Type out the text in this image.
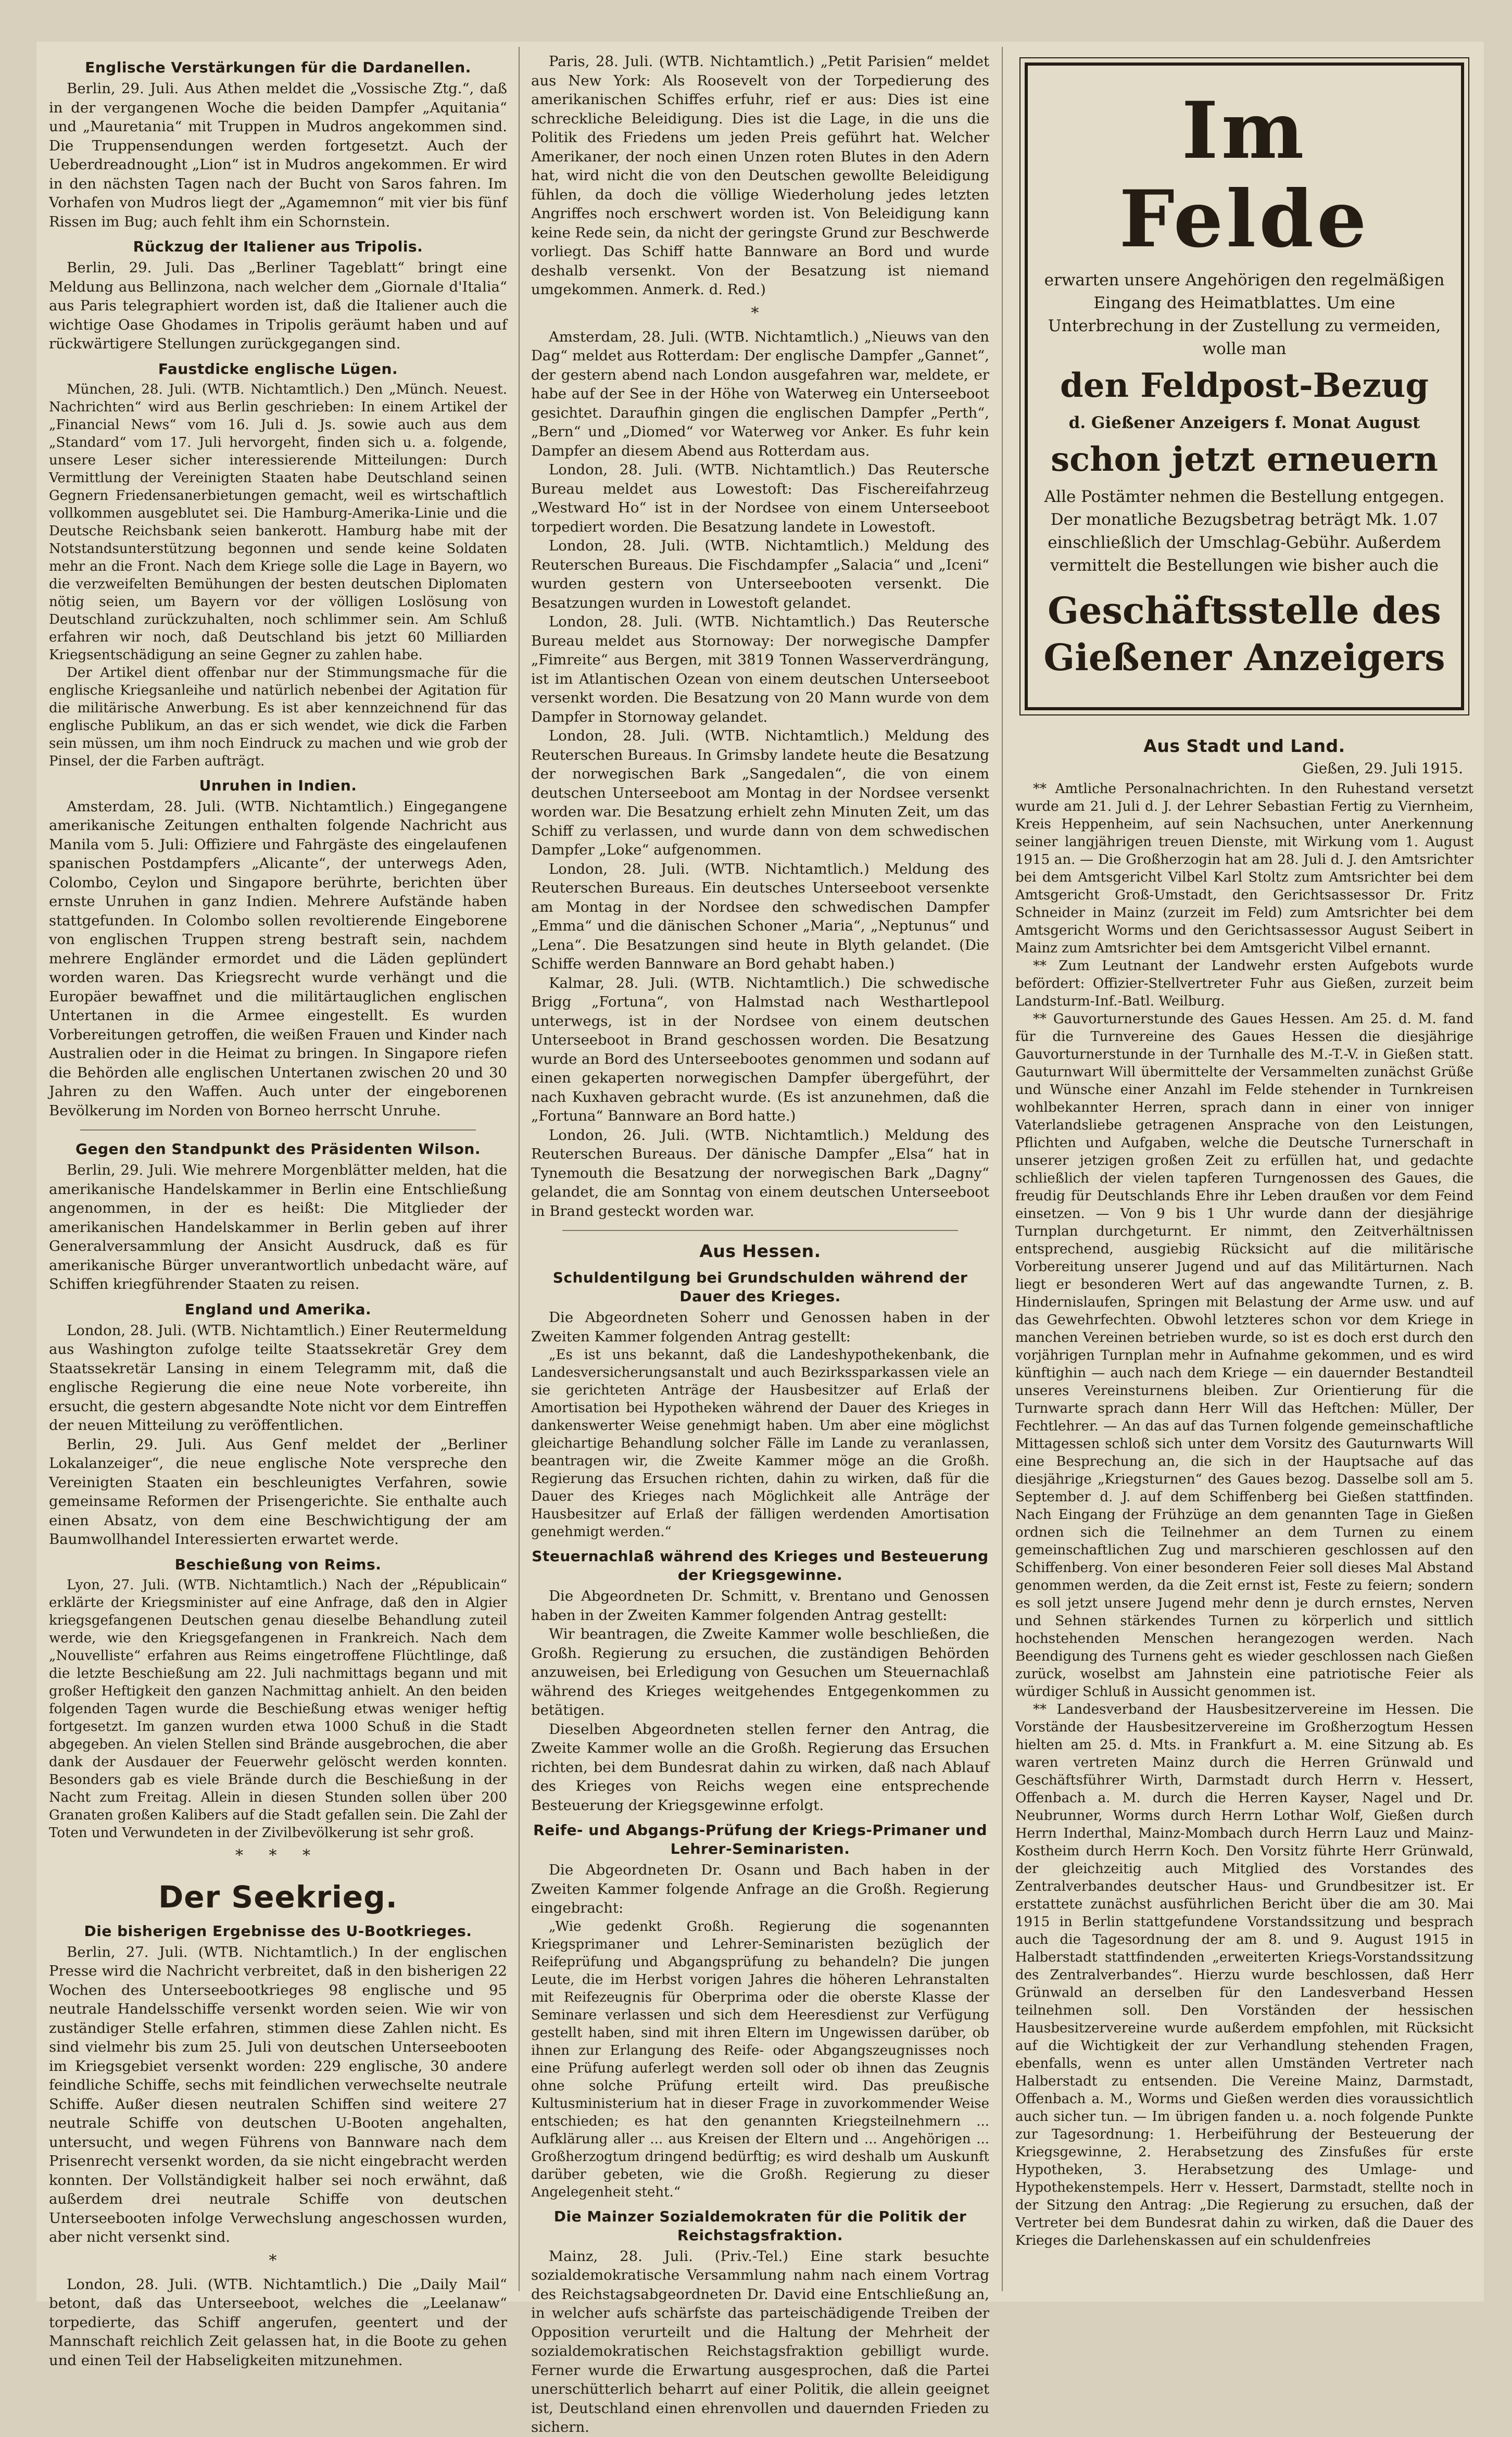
Englische Verstärkungen für die Dardanellen.

Berlin, 29. Juli. Aus Athen meldet die „Vossische Ztg.“, daß in der vergangenen Woche die beiden Dampfer „Aquitania“ und „Mauretania“ mit Truppen in Mudros angekommen sind. Die Truppensendungen werden fortgesetzt. Auch der Ueberdreadnought „Lion“ ist in Mudros angekommen. Er wird in den nächsten Tagen nach der Bucht von Saros fahren. Im Vorhafen von Mudros liegt der „Agamemnon“ mit vier bis fünf Rissen im Bug; auch fehlt ihm ein Schornstein.

Rückzug der Italiener aus Tripolis.

Berlin, 29. Juli. Das „Berliner Tageblatt“ bringt eine Meldung aus Bellinzona, nach welcher dem „Giornale d'Italia“ aus Paris telegraphiert worden ist, daß die Italiener auch die wichtige Oase Ghodames in Tripolis geräumt haben und auf rückwärtigere Stellungen zurückgegangen sind.

Faustdicke englische Lügen.

München, 28. Juli. (WTB. Nichtamtlich.) Den „Münch. Neuest. Nachrichten“ wird aus Berlin geschrieben: In einem Artikel der „Financial News“ vom 16. Juli d. Js. sowie auch aus dem „Standard“ vom 17. Juli hervorgeht, finden sich u. a. folgende, unsere Leser sicher interessierende Mitteilungen: Durch Vermittlung der Vereinigten Staaten habe Deutschland seinen Gegnern Friedensanerbietungen gemacht, weil es wirtschaftlich vollkommen ausgeblutet sei. Die Hamburg-Amerika-Linie und die Deutsche Reichsbank seien bankerott. Hamburg habe mit der Notstandsunterstützung begonnen und sende keine Soldaten mehr an die Front. Nach dem Kriege solle die Lage in Bayern, wo die verzweifelten Bemühungen der besten deutschen Diplomaten nötig seien, um Bayern vor der völligen Loslösung von Deutschland zurückzuhalten, noch schlimmer sein. Am Schluß erfahren wir noch, daß Deutschland bis jetzt 60 Milliarden Kriegsentschädigung an seine Gegner zu zahlen habe.

Der Artikel dient offenbar nur der Stimmungsmache für die englische Kriegsanleihe und natürlich nebenbei der Agitation für die militärische Anwerbung. Es ist aber kennzeichnend für das englische Publikum, an das er sich wendet, wie dick die Farben sein müssen, um ihm noch Eindruck zu machen und wie grob der Pinsel, der die Farben aufträgt.

Unruhen in Indien.

Amsterdam, 28. Juli. (WTB. Nichtamtlich.) Eingegangene amerikanische Zeitungen enthalten folgende Nachricht aus Manila vom 5. Juli: Offiziere und Fahrgäste des eingelaufenen spanischen Postdampfers „Alicante“, der unterwegs Aden, Colombo, Ceylon und Singapore berührte, berichten über ernste Unruhen in ganz Indien. Mehrere Aufstände haben stattgefunden. In Colombo sollen revoltierende Eingeborene von englischen Truppen streng bestraft sein, nachdem mehrere Engländer ermordet und die Läden geplündert worden waren. Das Kriegsrecht wurde verhängt und die Europäer bewaffnet und die militärtauglichen englischen Untertanen in die Armee eingestellt. Es wurden Vorbereitungen getroffen, die weißen Frauen und Kinder nach Australien oder in die Heimat zu bringen. In Singapore riefen die Behörden alle englischen Untertanen zwischen 20 und 30 Jahren zu den Waffen. Auch unter der eingeborenen Bevölkerung im Norden von Borneo herrscht Unruhe.

Gegen den Standpunkt des Präsidenten Wilson.

Berlin, 29. Juli. Wie mehrere Morgenblätter melden, hat die amerikanische Handelskammer in Berlin eine Entschließung angenommen, in der es heißt: Die Mitglieder der amerikanischen Handelskammer in Berlin geben auf ihrer Generalversammlung der Ansicht Ausdruck, daß es für amerikanische Bürger unverantwortlich unbedacht wäre, auf Schiffen kriegführender Staaten zu reisen.

England und Amerika.

London, 28. Juli. (WTB. Nichtamtlich.) Einer Reutermeldung aus Washington zufolge teilte Staatssekretär Grey dem Staatssekretär Lansing in einem Telegramm mit, daß die englische Regierung die eine neue Note vorbereite, ihn ersucht, die gestern abgesandte Note nicht vor dem Eintreffen der neuen Mitteilung zu veröffentlichen.

Berlin, 29. Juli. Aus Genf meldet der „Berliner Lokalanzeiger“, die neue englische Note verspreche den Vereinigten Staaten ein beschleunigtes Verfahren, sowie gemeinsame Reformen der Prisengerichte. Sie enthalte auch einen Absatz, von dem eine Beschwichtigung der am Baumwollhandel Interessierten erwartet werde.

Beschießung von Reims.

Lyon, 27. Juli. (WTB. Nichtamtlich.) Nach der „Républicain“ erklärte der Kriegsminister auf eine Anfrage, daß den in Algier kriegsgefangenen Deutschen genau dieselbe Behandlung zuteil werde, wie den Kriegsgefangenen in Frankreich. Nach dem „Nouvelliste“ erfahren aus Reims eingetroffene Flüchtlinge, daß die letzte Beschießung am 22. Juli nachmittags begann und mit großer Heftigkeit den ganzen Nachmittag anhielt. An den beiden folgenden Tagen wurde die Beschießung etwas weniger heftig fortgesetzt. Im ganzen wurden etwa 1000 Schuß in die Stadt abgegeben. An vielen Stellen sind Brände ausgebrochen, die aber dank der Ausdauer der Feuerwehr gelöscht werden konnten. Besonders gab es viele Brände durch die Beschießung in der Nacht zum Freitag. Allein in diesen Stunden sollen über 200 Granaten großen Kalibers auf die Stadt gefallen sein. Die Zahl der Toten und Verwundeten in der Zivilbevölkerung ist sehr groß.

* * *
Der Seekrieg.
Die bisherigen Ergebnisse des U-Bootkrieges.

Berlin, 27. Juli. (WTB. Nichtamtlich.) In der englischen Presse wird die Nachricht verbreitet, daß in den bisherigen 22 Wochen des Unterseebootkrieges 98 englische und 95 neutrale Handelsschiffe versenkt worden seien. Wie wir von zuständiger Stelle erfahren, stimmen diese Zahlen nicht. Es sind vielmehr bis zum 25. Juli von deutschen Unterseebooten im Kriegsgebiet versenkt worden: 229 englische, 30 andere feindliche Schiffe, sechs mit feindlichen verwechselte neutrale Schiffe. Außer diesen neutralen Schiffen sind weitere 27 neutrale Schiffe von deutschen U-Booten angehalten, untersucht, und wegen Führens von Bannware nach dem Prisenrecht versenkt worden, da sie nicht eingebracht werden konnten. Der Vollständigkeit halber sei noch erwähnt, daß außerdem drei neutrale Schiffe von deutschen Unterseebooten infolge Verwechslung angeschossen wurden, aber nicht versenkt sind.

*

London, 28. Juli. (WTB. Nichtamtlich.) Die „Daily Mail“ betont, daß das Unterseeboot, welches die „Leelanaw“ torpedierte, das Schiff angerufen, geentert und der Mannschaft reichlich Zeit gelassen hat, in die Boote zu gehen und einen Teil der Habseligkeiten mitzunehmen.

Paris, 28. Juli. (WTB. Nichtamtlich.) „Petit Parisien“ meldet aus New York: Als Roosevelt von der Torpedierung des amerikanischen Schiffes erfuhr, rief er aus: Dies ist eine schreckliche Beleidigung. Dies ist die Lage, in die uns die Politik des Friedens um jeden Preis geführt hat. Welcher Amerikaner, der noch einen Unzen roten Blutes in den Adern hat, wird nicht die von den Deutschen gewollte Beleidigung fühlen, da doch die völlige Wiederholung jedes letzten Angriffes noch erschwert worden ist. Von Beleidigung kann keine Rede sein, da nicht der geringste Grund zur Beschwerde vorliegt. Das Schiff hatte Bannware an Bord und wurde deshalb versenkt. Von der Besatzung ist niemand umgekommen. Anmerk. d. Red.)

*

Amsterdam, 28. Juli. (WTB. Nichtamtlich.) „Nieuws van den Dag“ meldet aus Rotterdam: Der englische Dampfer „Gannet“, der gestern abend nach London ausgefahren war, meldete, er habe auf der See in der Höhe von Waterweg ein Unterseeboot gesichtet. Daraufhin gingen die englischen Dampfer „Perth“, „Bern“ und „Diomed“ vor Waterweg vor Anker. Es fuhr kein Dampfer an diesem Abend aus Rotterdam aus.

London, 28. Juli. (WTB. Nichtamtlich.) Das Reutersche Bureau meldet aus Lowestoft: Das Fischereifahrzeug „Westward Ho“ ist in der Nordsee von einem Unterseeboot torpediert worden. Die Besatzung landete in Lowestoft.

London, 28. Juli. (WTB. Nichtamtlich.) Meldung des Reuterschen Bureaus. Die Fischdampfer „Salacia“ und „Iceni“ wurden gestern von Unterseebooten versenkt. Die Besatzungen wurden in Lowestoft gelandet.

London, 28. Juli. (WTB. Nichtamtlich.) Das Reutersche Bureau meldet aus Stornoway: Der norwegische Dampfer „Fimreite“ aus Bergen, mit 3819 Tonnen Wasserverdrängung, ist im Atlantischen Ozean von einem deutschen Unterseeboot versenkt worden. Die Besatzung von 20 Mann wurde von dem Dampfer in Stornoway gelandet.

London, 28. Juli. (WTB. Nichtamtlich.) Meldung des Reuterschen Bureaus. In Grimsby landete heute die Besatzung der norwegischen Bark „Sangedalen“, die von einem deutschen Unterseeboot am Montag in der Nordsee versenkt worden war. Die Besatzung erhielt zehn Minuten Zeit, um das Schiff zu verlassen, und wurde dann von dem schwedischen Dampfer „Loke“ aufgenommen.

London, 28. Juli. (WTB. Nichtamtlich.) Meldung des Reuterschen Bureaus. Ein deutsches Unterseeboot versenkte am Montag in der Nordsee den schwedischen Dampfer „Emma“ und die dänischen Schoner „Maria“, „Neptunus“ und „Lena“. Die Besatzungen sind heute in Blyth gelandet. (Die Schiffe werden Bannware an Bord gehabt haben.)

Kalmar, 28. Juli. (WTB. Nichtamtlich.) Die schwedische Brigg „Fortuna“, von Halmstad nach Westhartlepool unterwegs, ist in der Nordsee von einem deutschen Unterseeboot in Brand geschossen worden. Die Besatzung wurde an Bord des Unterseebootes genommen und sodann auf einen gekaperten norwegischen Dampfer übergeführt, der nach Kuxhaven gebracht wurde. (Es ist anzunehmen, daß die „Fortuna“ Bannware an Bord hatte.)

London, 26. Juli. (WTB. Nichtamtlich.) Meldung des Reuterschen Bureaus. Der dänische Dampfer „Elsa“ hat in Tynemouth die Besatzung der norwegischen Bark „Dagny“ gelandet, die am Sonntag von einem deutschen Unterseeboot in Brand gesteckt worden war.

Aus Hessen.
Schuldentilgung bei Grundschulden während der Dauer des Krieges.

Die Abgeordneten Soherr und Genossen haben in der Zweiten Kammer folgenden Antrag gestellt:

„Es ist uns bekannt, daß die Landeshypothekenbank, die Landesversicherungsanstalt und auch Bezirkssparkassen viele an sie gerichteten Anträge der Hausbesitzer auf Erlaß der Amortisation bei Hypotheken während der Dauer des Krieges in dankenswerter Weise genehmigt haben. Um aber eine möglichst gleichartige Behandlung solcher Fälle im Lande zu veranlassen, beantragen wir, die Zweite Kammer möge an die Großh. Regierung das Ersuchen richten, dahin zu wirken, daß für die Dauer des Krieges nach Möglichkeit alle Anträge der Hausbesitzer auf Erlaß der fälligen werdenden Amortisation genehmigt werden.“

Steuernachlaß während des Krieges und Besteuerung der Kriegsgewinne.

Die Abgeordneten Dr. Schmitt, v. Brentano und Genossen haben in der Zweiten Kammer folgenden Antrag gestellt:

Wir beantragen, die Zweite Kammer wolle beschließen, die Großh. Regierung zu ersuchen, die zuständigen Behörden anzuweisen, bei Erledigung von Gesuchen um Steuernachlaß während des Krieges weitgehendes Entgegenkommen zu betätigen.

Dieselben Abgeordneten stellen ferner den Antrag, die Zweite Kammer wolle an die Großh. Regierung das Ersuchen richten, bei dem Bundesrat dahin zu wirken, daß nach Ablauf des Krieges von Reichs wegen eine entsprechende Besteuerung der Kriegsgewinne erfolgt.

Reife- und Abgangs-Prüfung der Kriegs-Primaner und Lehrer-Seminaristen.

Die Abgeordneten Dr. Osann und Bach haben in der Zweiten Kammer folgende Anfrage an die Großh. Regierung eingebracht:

„Wie gedenkt Großh. Regierung die sogenannten Kriegsprimaner und Lehrer-Seminaristen bezüglich der Reifeprüfung und Abgangsprüfung zu behandeln? Die jungen Leute, die im Herbst vorigen Jahres die höheren Lehranstalten mit Reifezeugnis für Oberprima oder die oberste Klasse der Seminare verlassen und sich dem Heeresdienst zur Verfügung gestellt haben, sind mit ihren Eltern im Ungewissen darüber, ob ihnen zur Erlangung des Reife- oder Abgangszeugnisses noch eine Prüfung auferlegt werden soll oder ob ihnen das Zeugnis ohne solche Prüfung erteilt wird. Das preußische Kultusministerium hat in dieser Frage in zuvorkommender Weise entschieden; es hat den genannten Kriegsteilnehmern ... Aufklärung aller ... aus Kreisen der Eltern und ... Angehörigen ... Großherzogtum dringend bedürftig; es wird deshalb um Auskunft darüber gebeten, wie die Großh. Regierung zu dieser Angelegenheit steht.“

Die Mainzer Sozialdemokraten für die Politik der Reichstagsfraktion.

Mainz, 28. Juli. (Priv.-Tel.) Eine stark besuchte sozialdemokratische Versammlung nahm nach einem Vortrag des Reichstagsabgeordneten Dr. David eine Entschließung an, in welcher aufs schärfste das parteischädigende Treiben der Opposition verurteilt und die Haltung der Mehrheit der sozialdemokratischen Reichstagsfraktion gebilligt wurde. Ferner wurde die Erwartung ausgesprochen, daß die Partei unerschütterlich beharrt auf einer Politik, die allein geeignet ist, Deutschland einen ehrenvollen und dauernden Frieden zu sichern.

Im Felde
erwarten unsere Angehörigen den regelmäßigen Eingang des Heimatblattes. Um eine Unterbrechung in der Zustellung zu vermeiden, wolle man
den Feldpost-Bezug
d. Gießener Anzeigers f. Monat August
schon jetzt erneuern
Alle Postämter nehmen die Bestellung entgegen. Der monatliche Bezugsbetrag beträgt Mk. 1.07 einschließlich der Umschlag-Gebühr. Außerdem vermittelt die Bestellungen wie bisher auch die
Geschäftsstelle des Gießener Anzeigers
Aus Stadt und Land.
Gießen, 29. Juli 1915.

** Amtliche Personalnachrichten. In den Ruhestand versetzt wurde am 21. Juli d. J. der Lehrer Sebastian Fertig zu Viernheim, Kreis Heppenheim, auf sein Nachsuchen, unter Anerkennung seiner langjährigen treuen Dienste, mit Wirkung vom 1. August 1915 an. — Die Großherzogin hat am 28. Juli d. J. den Amtsrichter bei dem Amtsgericht Vilbel Karl Stoltz zum Amtsrichter bei dem Amtsgericht Groß-Umstadt, den Gerichtsassessor Dr. Fritz Schneider in Mainz (zurzeit im Feld) zum Amtsrichter bei dem Amtsgericht Worms und den Gerichtsassessor August Seibert in Mainz zum Amtsrichter bei dem Amtsgericht Vilbel ernannt.

** Zum Leutnant der Landwehr ersten Aufgebots wurde befördert: Offizier-Stellvertreter Fuhr aus Gießen, zurzeit beim Landsturm-Inf.-Batl. Weilburg.

** Gauvorturnerstunde des Gaues Hessen. Am 25. d. M. fand für die Turnvereine des Gaues Hessen die diesjährige Gauvorturnerstunde in der Turnhalle des M.-T.-V. in Gießen statt. Gauturnwart Will übermittelte der Versammelten zunächst Grüße und Wünsche einer Anzahl im Felde stehender in Turnkreisen wohlbekannter Herren, sprach dann in einer von inniger Vaterlandsliebe getragenen Ansprache von den Leistungen, Pflichten und Aufgaben, welche die Deutsche Turnerschaft in unserer jetzigen großen Zeit zu erfüllen hat, und gedachte schließlich der vielen tapferen Turngenossen des Gaues, die freudig für Deutschlands Ehre ihr Leben draußen vor dem Feind einsetzen. — Von 9 bis 1 Uhr wurde dann der diesjährige Turnplan durchgeturnt. Er nimmt, den Zeitverhältnissen entsprechend, ausgiebig Rücksicht auf die militärische Vorbereitung unserer Jugend und auf das Militärturnen. Nach liegt er besonderen Wert auf das angewandte Turnen, z. B. Hindernislaufen, Springen mit Belastung der Arme usw. und auf das Gewehrfechten. Obwohl letzteres schon vor dem Kriege in manchen Vereinen betrieben wurde, so ist es doch erst durch den vorjährigen Turnplan mehr in Aufnahme gekommen, und es wird künftighin — auch nach dem Kriege — ein dauernder Bestandteil unseres Vereinsturnens bleiben. Zur Orientierung für die Turnwarte sprach dann Herr Will das Heftchen: Müller, Der Fechtlehrer. — An das auf das Turnen folgende gemeinschaftliche Mittagessen schloß sich unter dem Vorsitz des Gauturnwarts Will eine Besprechung an, die sich in der Hauptsache auf das diesjährige „Kriegsturnen“ des Gaues bezog. Dasselbe soll am 5. September d. J. auf dem Schiffenberg bei Gießen stattfinden. Nach Eingang der Frühzüge an dem genannten Tage in Gießen ordnen sich die Teilnehmer an dem Turnen zu einem gemeinschaftlichen Zug und marschieren geschlossen auf den Schiffenberg. Von einer besonderen Feier soll dieses Mal Abstand genommen werden, da die Zeit ernst ist, Feste zu feiern; sondern es soll jetzt unsere Jugend mehr denn je durch ernstes, Nerven und Sehnen stärkendes Turnen zu körperlich und sittlich hochstehenden Menschen herangezogen werden. Nach Beendigung des Turnens geht es wieder geschlossen nach Gießen zurück, woselbst am Jahnstein eine patriotische Feier als würdiger Schluß in Aussicht genommen ist.

** Landesverband der Hausbesitzervereine im Hessen. Die Vorstände der Hausbesitzervereine im Großherzogtum Hessen hielten am 25. d. Mts. in Frankfurt a. M. eine Sitzung ab. Es waren vertreten Mainz durch die Herren Grünwald und Geschäftsführer Wirth, Darmstadt durch Herrn v. Hessert, Offenbach a. M. durch die Herren Kayser, Nagel und Dr. Neubrunner, Worms durch Herrn Lothar Wolf, Gießen durch Herrn Inderthal, Mainz-Mombach durch Herrn Lauz und Mainz-Kostheim durch Herrn Koch. Den Vorsitz führte Herr Grünwald, der gleichzeitig auch Mitglied des Vorstandes des Zentralverbandes deutscher Haus- und Grundbesitzer ist. Er erstattete zunächst ausführlichen Bericht über die am 30. Mai 1915 in Berlin stattgefundene Vorstandssitzung und besprach auch die Tagesordnung der am 8. und 9. August 1915 in Halberstadt stattfindenden „erweiterten Kriegs-Vorstandssitzung des Zentralverbandes“. Hierzu wurde beschlossen, daß Herr Grünwald an derselben für den Landesverband Hessen teilnehmen soll. Den Vorständen der hessischen Hausbesitzervereine wurde außerdem empfohlen, mit Rücksicht auf die Wichtigkeit der zur Verhandlung stehenden Fragen, ebenfalls, wenn es unter allen Umständen Vertreter nach Halberstadt zu entsenden. Die Vereine Mainz, Darmstadt, Offenbach a. M., Worms und Gießen werden dies voraussichtlich auch sicher tun. — Im übrigen fanden u. a. noch folgende Punkte zur Tagesordnung: 1. Herbeiführung der Besteuerung der Kriegsgewinne, 2. Herabsetzung des Zinsfußes für erste Hypotheken, 3. Herabsetzung des Umlage- und Hypothekenstempels. Herr v. Hessert, Darmstadt, stellte noch in der Sitzung den Antrag: „Die Regierung zu ersuchen, daß der Vertreter bei dem Bundesrat dahin zu wirken, daß die Dauer des Krieges die Darlehenskassen auf ein schuldenfreies
